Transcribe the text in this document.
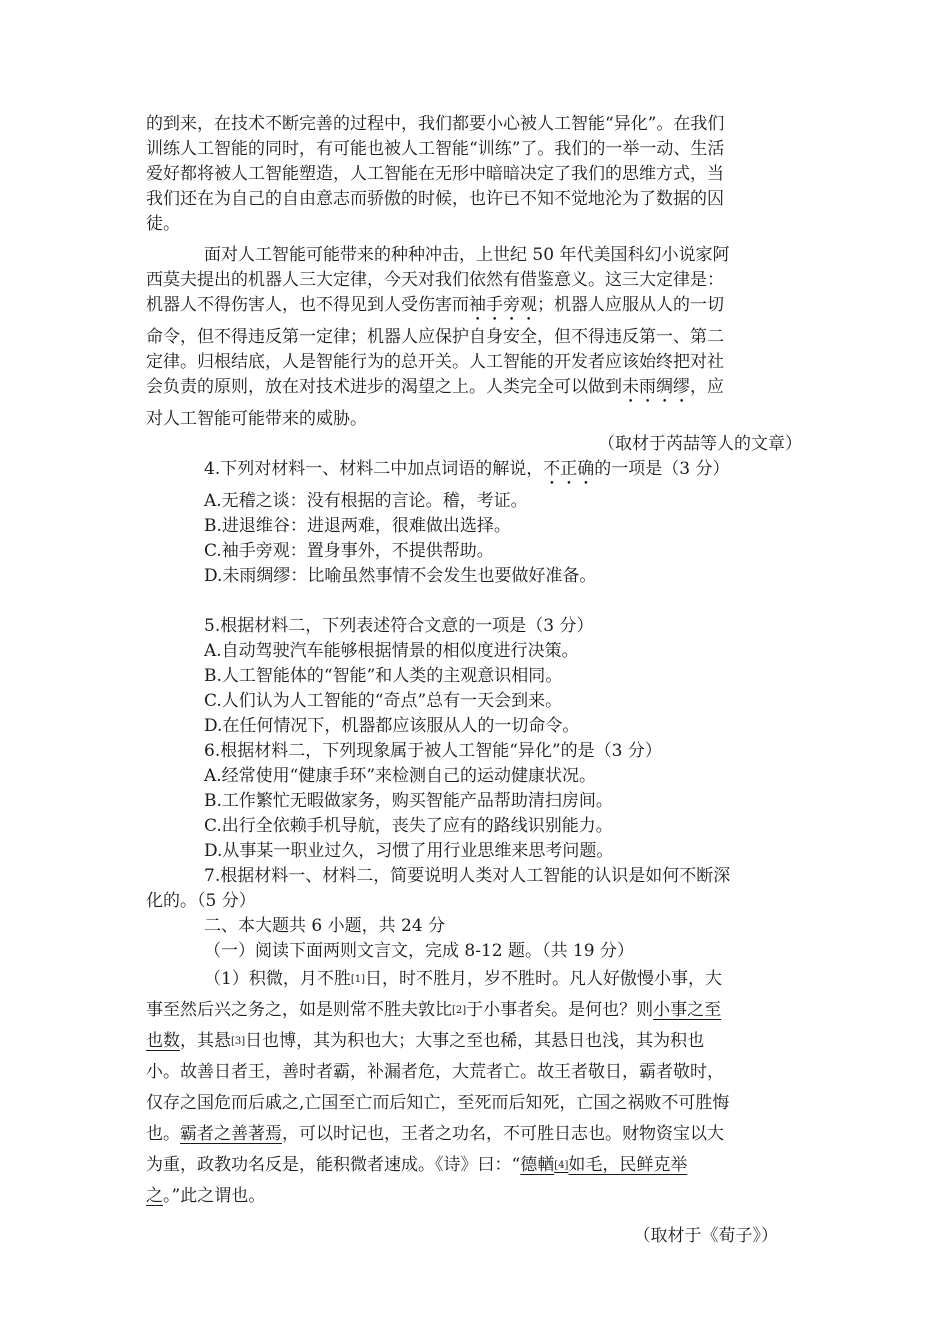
的到来，在技术不断完善的过程中，我们都要小心被人工智能“异化”。在我们
训练人工智能的同时，有可能也被人工智能“训练”了。我们的一举一动、生活
爱好都将被人工智能塑造，人工智能在无形中暗暗决定了我们的思维方式，当
我们还在为自己的自由意志而骄傲的时候，也许已不知不觉地沦为了数据的囚
徒。
面对人工智能可能带来的种种冲击，上世纪 50 年代美国科幻小说家阿
西莫夫提出的机器人三大定律，今天对我们依然有借鉴意义。这三大定律是：
机器人不得伤害人，也不得见到人受伤害而袖手旁观；机器人应服从人的一切
命令，但不得违反第一定律；机器人应保护自身安全，但不得违反第一、第二
定律。归根结底，人是智能行为的总开关。人工智能的开发者应该始终把对社
会负责的原则，放在对技术进步的渴望之上。人类完全可以做到未雨绸缪，应
对人工智能可能带来的威胁。
（取材于芮喆等人的文章）
4.下列对材料一、材料二中加点词语的解说，不正确的一项是（3 分）
A.无稽之谈：没有根据的言论。稽，考证。
B.进退维谷：进退两难，很难做出选择。
C.袖手旁观：置身事外，不提供帮助。
D.未雨绸缪：比喻虽然事情不会发生也要做好准备。
5.根据材料二，下列表述符合文意的一项是（3 分）
A.自动驾驶汽车能够根据情景的相似度进行决策。
B.人工智能体的“智能”和人类的主观意识相同。
C.人们认为人工智能的“奇点”总有一天会到来。
D.在任何情况下，机器都应该服从人的一切命令。
6.根据材料二，下列现象属于被人工智能“异化”的是（3 分）
A.经常使用“健康手环”来检测自己的运动健康状况。
B.工作繁忙无暇做家务，购买智能产品帮助清扫房间。
C.出行全依赖手机导航，丧失了应有的路线识别能力。
D.从事某一职业过久，习惯了用行业思维来思考问题。
7.根据材料一、材料二，简要说明人类对人工智能的认识是如何不断深
化的。（5 分）
二、本大题共 6 小题，共 24 分
（一）阅读下面两则文言文，完成 8-12 题。（共 19 分）
（1）积微，月不胜[1]日，时不胜月，岁不胜时。凡人好傲慢小事，大
事至然后兴之务之，如是则常不胜夫敦比[2]于小事者矣。是何也？则小事之至
也数，其悬[3]日也博，其为积也大；大事之至也稀，其悬日也浅，其为积也
小。故善日者王，善时者霸，补漏者危，大荒者亡。故王者敬日，霸者敬时，
仅存之国危而后戚之,亡国至亡而后知亡，至死而后知死，亡国之祸败不可胜悔
也。霸者之善著焉，可以时记也，王者之功名，不可胜日志也。财物资宝以大
为重，政教功名反是，能积微者速成。《诗》曰：“德輶[4]如毛，民鲜克举
之。”此之谓也。
（取材于《荀子》）
